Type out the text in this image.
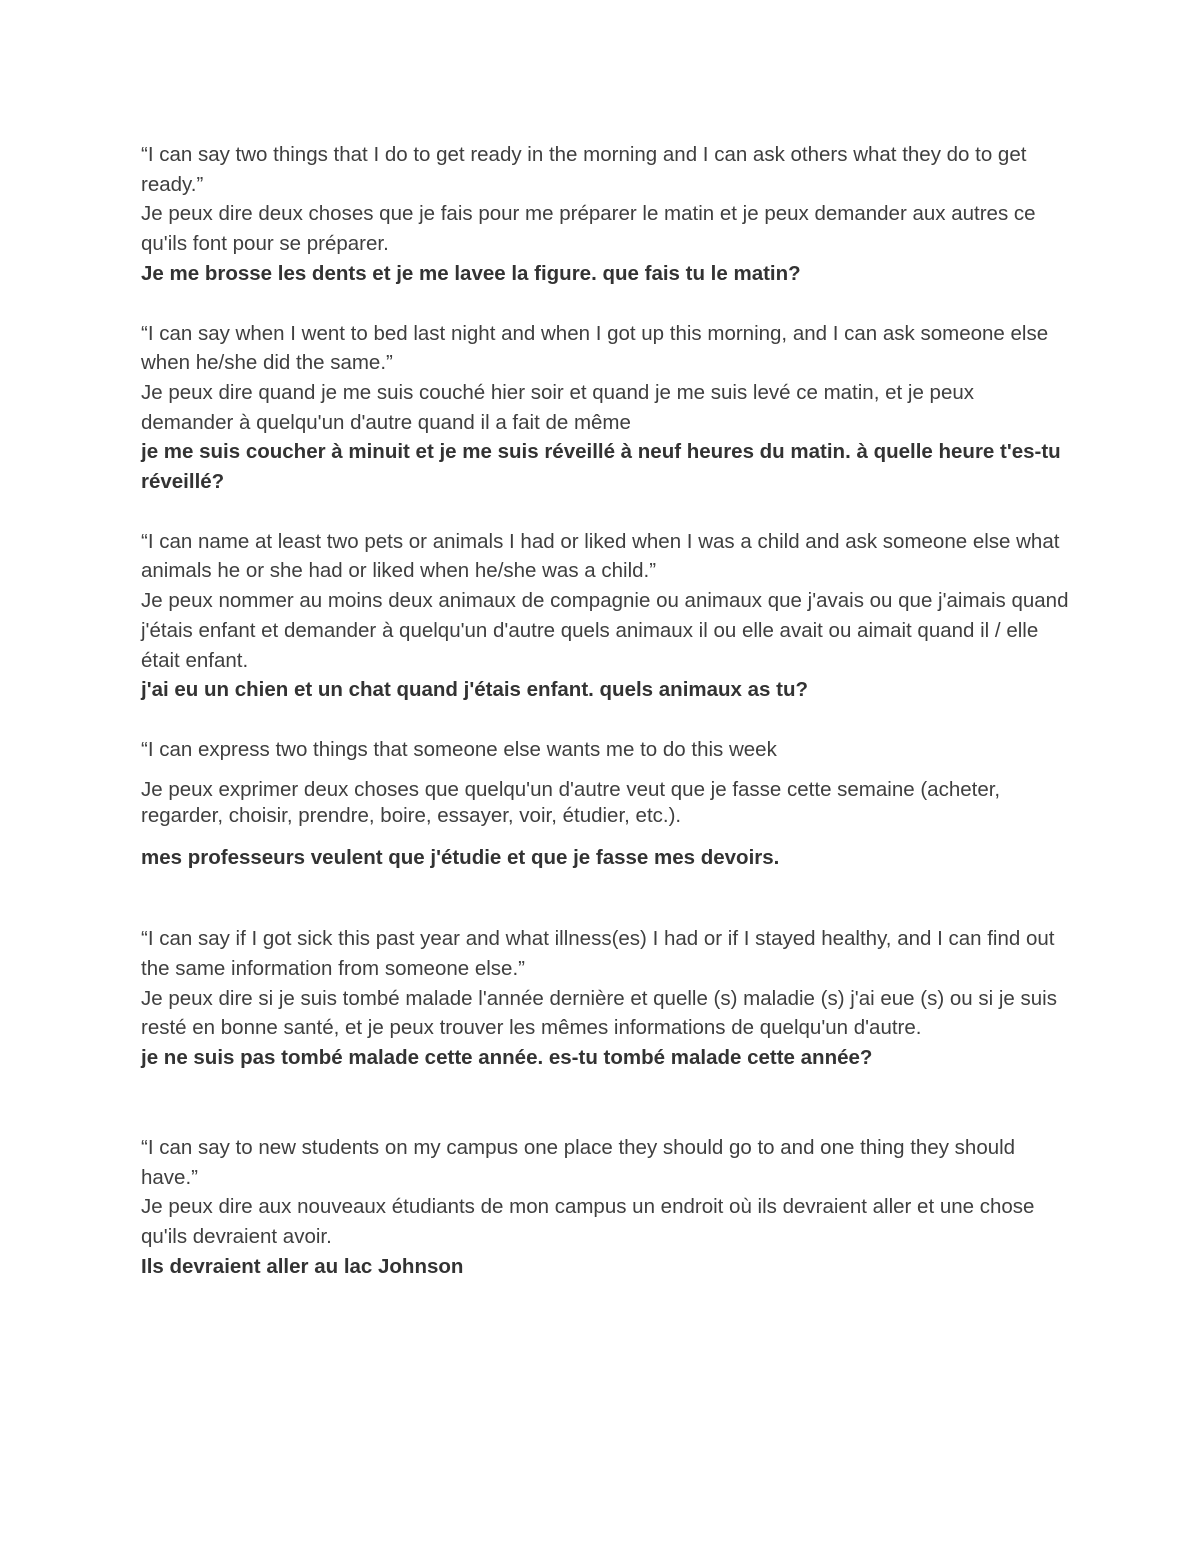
“I can say two things that I do to get ready in the morning and I can ask others what they do to get ready.”

Je peux dire deux choses que je fais pour me préparer le matin et je peux demander aux autres ce qu'ils font pour se préparer.

Je me brosse les dents et je me lavee la figure. que fais tu le matin?

“I can say when I went to bed last night and when I got up this morning, and I can ask someone else when he/she did the same.”

Je peux dire quand je me suis couché hier soir et quand je me suis levé ce matin, et je peux demander à quelqu'un d'autre quand il a fait de même

je me suis coucher à minuit et je me suis réveillé à neuf heures du matin. à quelle heure t'es-tu réveillé?

“I can name at least two pets or animals I had or liked when I was a child and ask someone else what animals he or she had or liked when he/she was a child.”

Je peux nommer au moins deux animaux de compagnie ou animaux que j'avais ou que j'aimais quand j'étais enfant et demander à quelqu'un d'autre quels animaux il ou elle avait ou aimait quand il / elle était enfant.

j'ai eu un chien et un chat quand j'étais enfant. quels animaux as tu?

“I can express two things that someone else wants me to do this week

Je peux exprimer deux choses que quelqu'un d'autre veut que je fasse cette semaine (acheter, regarder, choisir, prendre, boire, essayer, voir, étudier, etc.).

mes professeurs veulent que j'étudie et que je fasse mes devoirs.

“I can say if I got sick this past year and what illness(es) I had or if I stayed healthy, and I can find out the same information from someone else.”

Je peux dire si je suis tombé malade l'année dernière et quelle (s) maladie (s) j'ai eue (s) ou si je suis resté en bonne santé, et je peux trouver les mêmes informations de quelqu'un d'autre.

je ne suis pas tombé malade cette année. es-tu tombé malade cette année?

“I can say to new students on my campus one place they should go to and one thing they should have.”

Je peux dire aux nouveaux étudiants de mon campus un endroit où ils devraient aller et une chose qu'ils devraient avoir.

Ils devraient aller au lac Johnson
